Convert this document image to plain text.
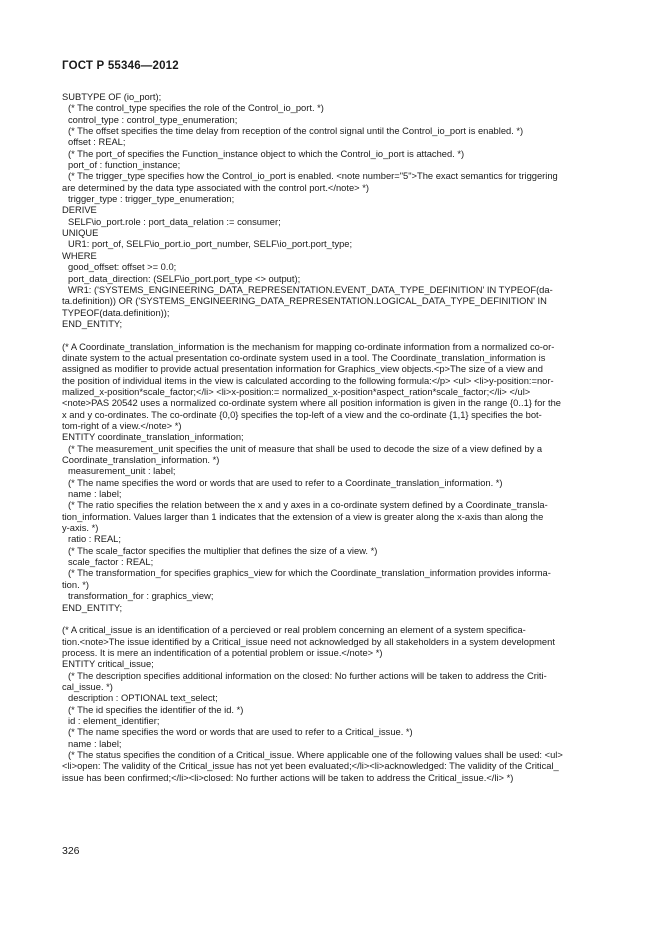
ГОСТ Р 55346—2012
SUBTYPE OF (io_port);
(* The control_type specifies the role of the Control_io_port. *)
control_type : control_type_enumeration;
(* The offset specifies the time delay from reception of the control signal until the Control_io_port is enabled. *)
offset : REAL;
(* The port_of specifies the Function_instance object to which the Control_io_port is attached. *)
port_of : function_instance;
(* The trigger_type specifies how the Control_io_port is enabled. <note number="5">The exact semantics for triggering
are determined by the data type associated with the control port.</note> *)
trigger_type : trigger_type_enumeration;
DERIVE
SELF\io_port.role : port_data_relation := consumer;
UNIQUE
UR1: port_of, SELF\io_port.io_port_number, SELF\io_port.port_type;
WHERE
good_offset: offset >= 0.0;
port_data_direction: (SELF\io_port.port_type <> output);
WR1: ('SYSTEMS_ENGINEERING_DATA_REPRESENTATION.EVENT_DATA_TYPE_DEFINITION' IN TYPEOF(da-
ta.definition)) OR ('SYSTEMS_ENGINEERING_DATA_REPRESENTATION.LOGICAL_DATA_TYPE_DEFINITION' IN
TYPEOF(data.definition));
END_ENTITY;
(* A Coordinate_translation_information is the mechanism for mapping co-ordinate information from a normalized co-or-
dinate system to the actual presentation co-ordinate system used in a tool. The Coordinate_translation_information is
assigned as modifier to provide actual presentation information for Graphics_view objects.<p>The size of a view and
the position of individual items in the view is calculated according to the following formula:</p> <ul> <li>y-position:=nor-
malized_x-position*scale_factor;</li> <li>x-position:= normalized_x-position*aspect_ration*scale_factor;</li> </ul>
<note>PAS 20542 uses a normalized co-ordinate system where all position information is given in the range {0..1} for the
x and y co-ordinates. The co-ordinate {0,0} specifies the top-left of a view and the co-ordinate {1,1} specifies the bot-
tom-right of a view.</note> *)
ENTITY coordinate_translation_information;
(* The measurement_unit specifies the unit of measure that shall be used to decode the size of a view defined by a
Coordinate_translation_information. *)
measurement_unit : label;
(* The name specifies the word or words that are used to refer to a Coordinate_translation_information. *)
name : label;
(* The ratio specifies the relation between the x and y axes in a co-ordinate system defined by a Coordinate_transla-
tion_information. Values larger than 1 indicates that the extension of a view is greater along the x-axis than along the
y-axis. *)
ratio : REAL;
(* The scale_factor specifies the multiplier that defines the size of a view. *)
scale_factor : REAL;
(* The transformation_for specifies graphics_view for which the Coordinate_translation_information provides informa-
tion. *)
transformation_for : graphics_view;
END_ENTITY;
(* A critical_issue is an identification of a percieved or real problem concerning an element of a system specifica-
tion.<note>The issue identified by a Critical_issue need not acknowledged by all stakeholders in a system development
process. It is mere an indentification of a potential problem or issue.</note> *)
ENTITY critical_issue;
(* The description specifies additional information on the closed: No further actions will be taken to address the Criti-
cal_issue. *)
description : OPTIONAL text_select;
(* The id specifies the identifier of the id. *)
id : element_identifier;
(* The name specifies the word or words that are used to refer to a Critical_issue. *)
name : label;
(* The status specifies the condition of a Critical_issue. Where applicable one of the following values shall be used: <ul>
<li>open: The validity of the Critical_issue has not yet been evaluated;</li><li>acknowledged: The validity of the Critical_
issue has been confirmed;</li><li>closed: No further actions will be taken to address the Critical_issue.</li> *)
326
